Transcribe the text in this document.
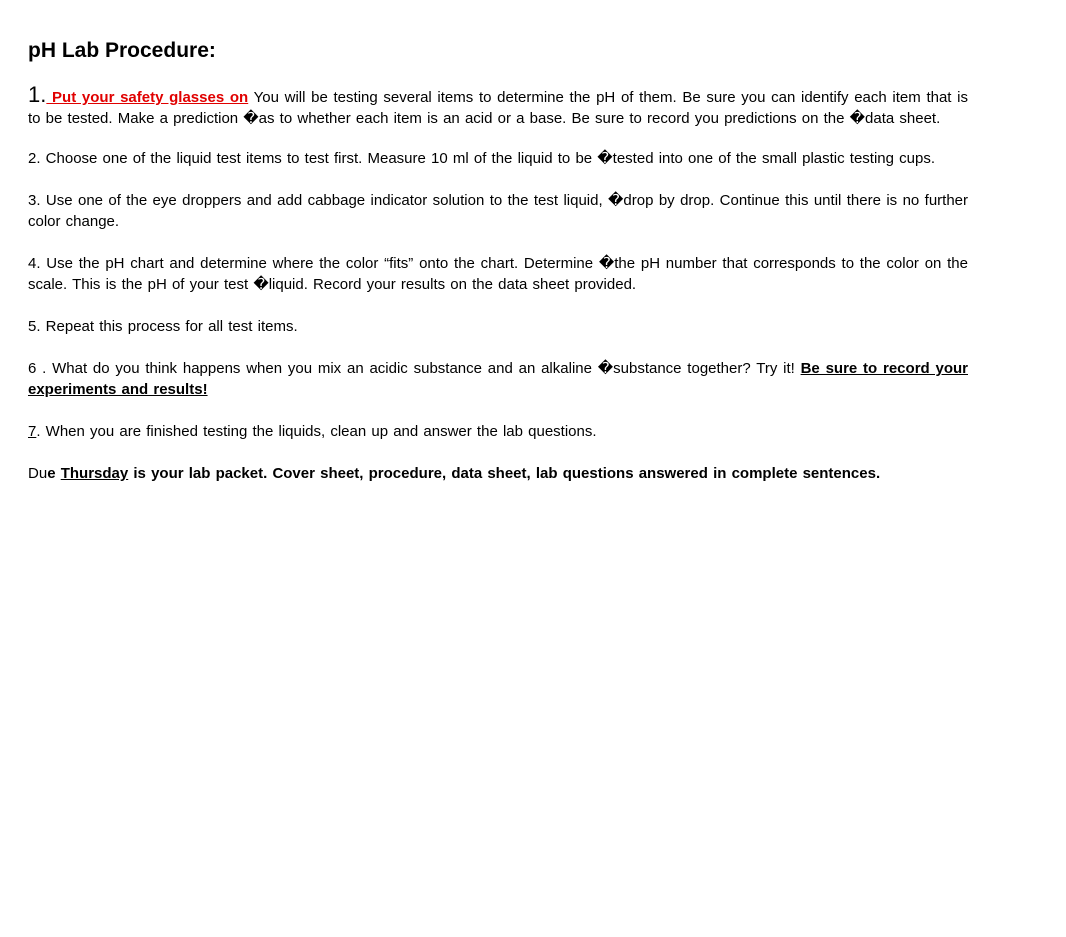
pH Lab Procedure:

1. Put your safety glasses on You will be testing several items to determine the pH of them. Be sure you can identify each item that is to be tested. Make a prediction �as to whether each item is an acid or a base. Be sure to record you predictions on the �data sheet.

2. Choose one of the liquid test items to test first. Measure 10 ml of the liquid to be �tested into one of the small plastic testing cups.

3. Use one of the eye droppers and add cabbage indicator solution to the test liquid, �drop by drop. Continue this until there is no further color change.

4. Use the pH chart and determine where the color “fits” onto the chart. Determine �the pH number that corresponds to the color on the scale. This is the pH of your test �liquid. Record your results on the data sheet provided.

5. Repeat this process for all test items.

6 . What do you think happens when you mix an acidic substance and an alkaline �substance together? Try it! Be sure to record your experiments and results!

7. When you are finished testing the liquids, clean up and answer the lab questions.

Due Thursday is your lab packet. Cover sheet, procedure, data sheet, lab questions answered in complete sentences.
